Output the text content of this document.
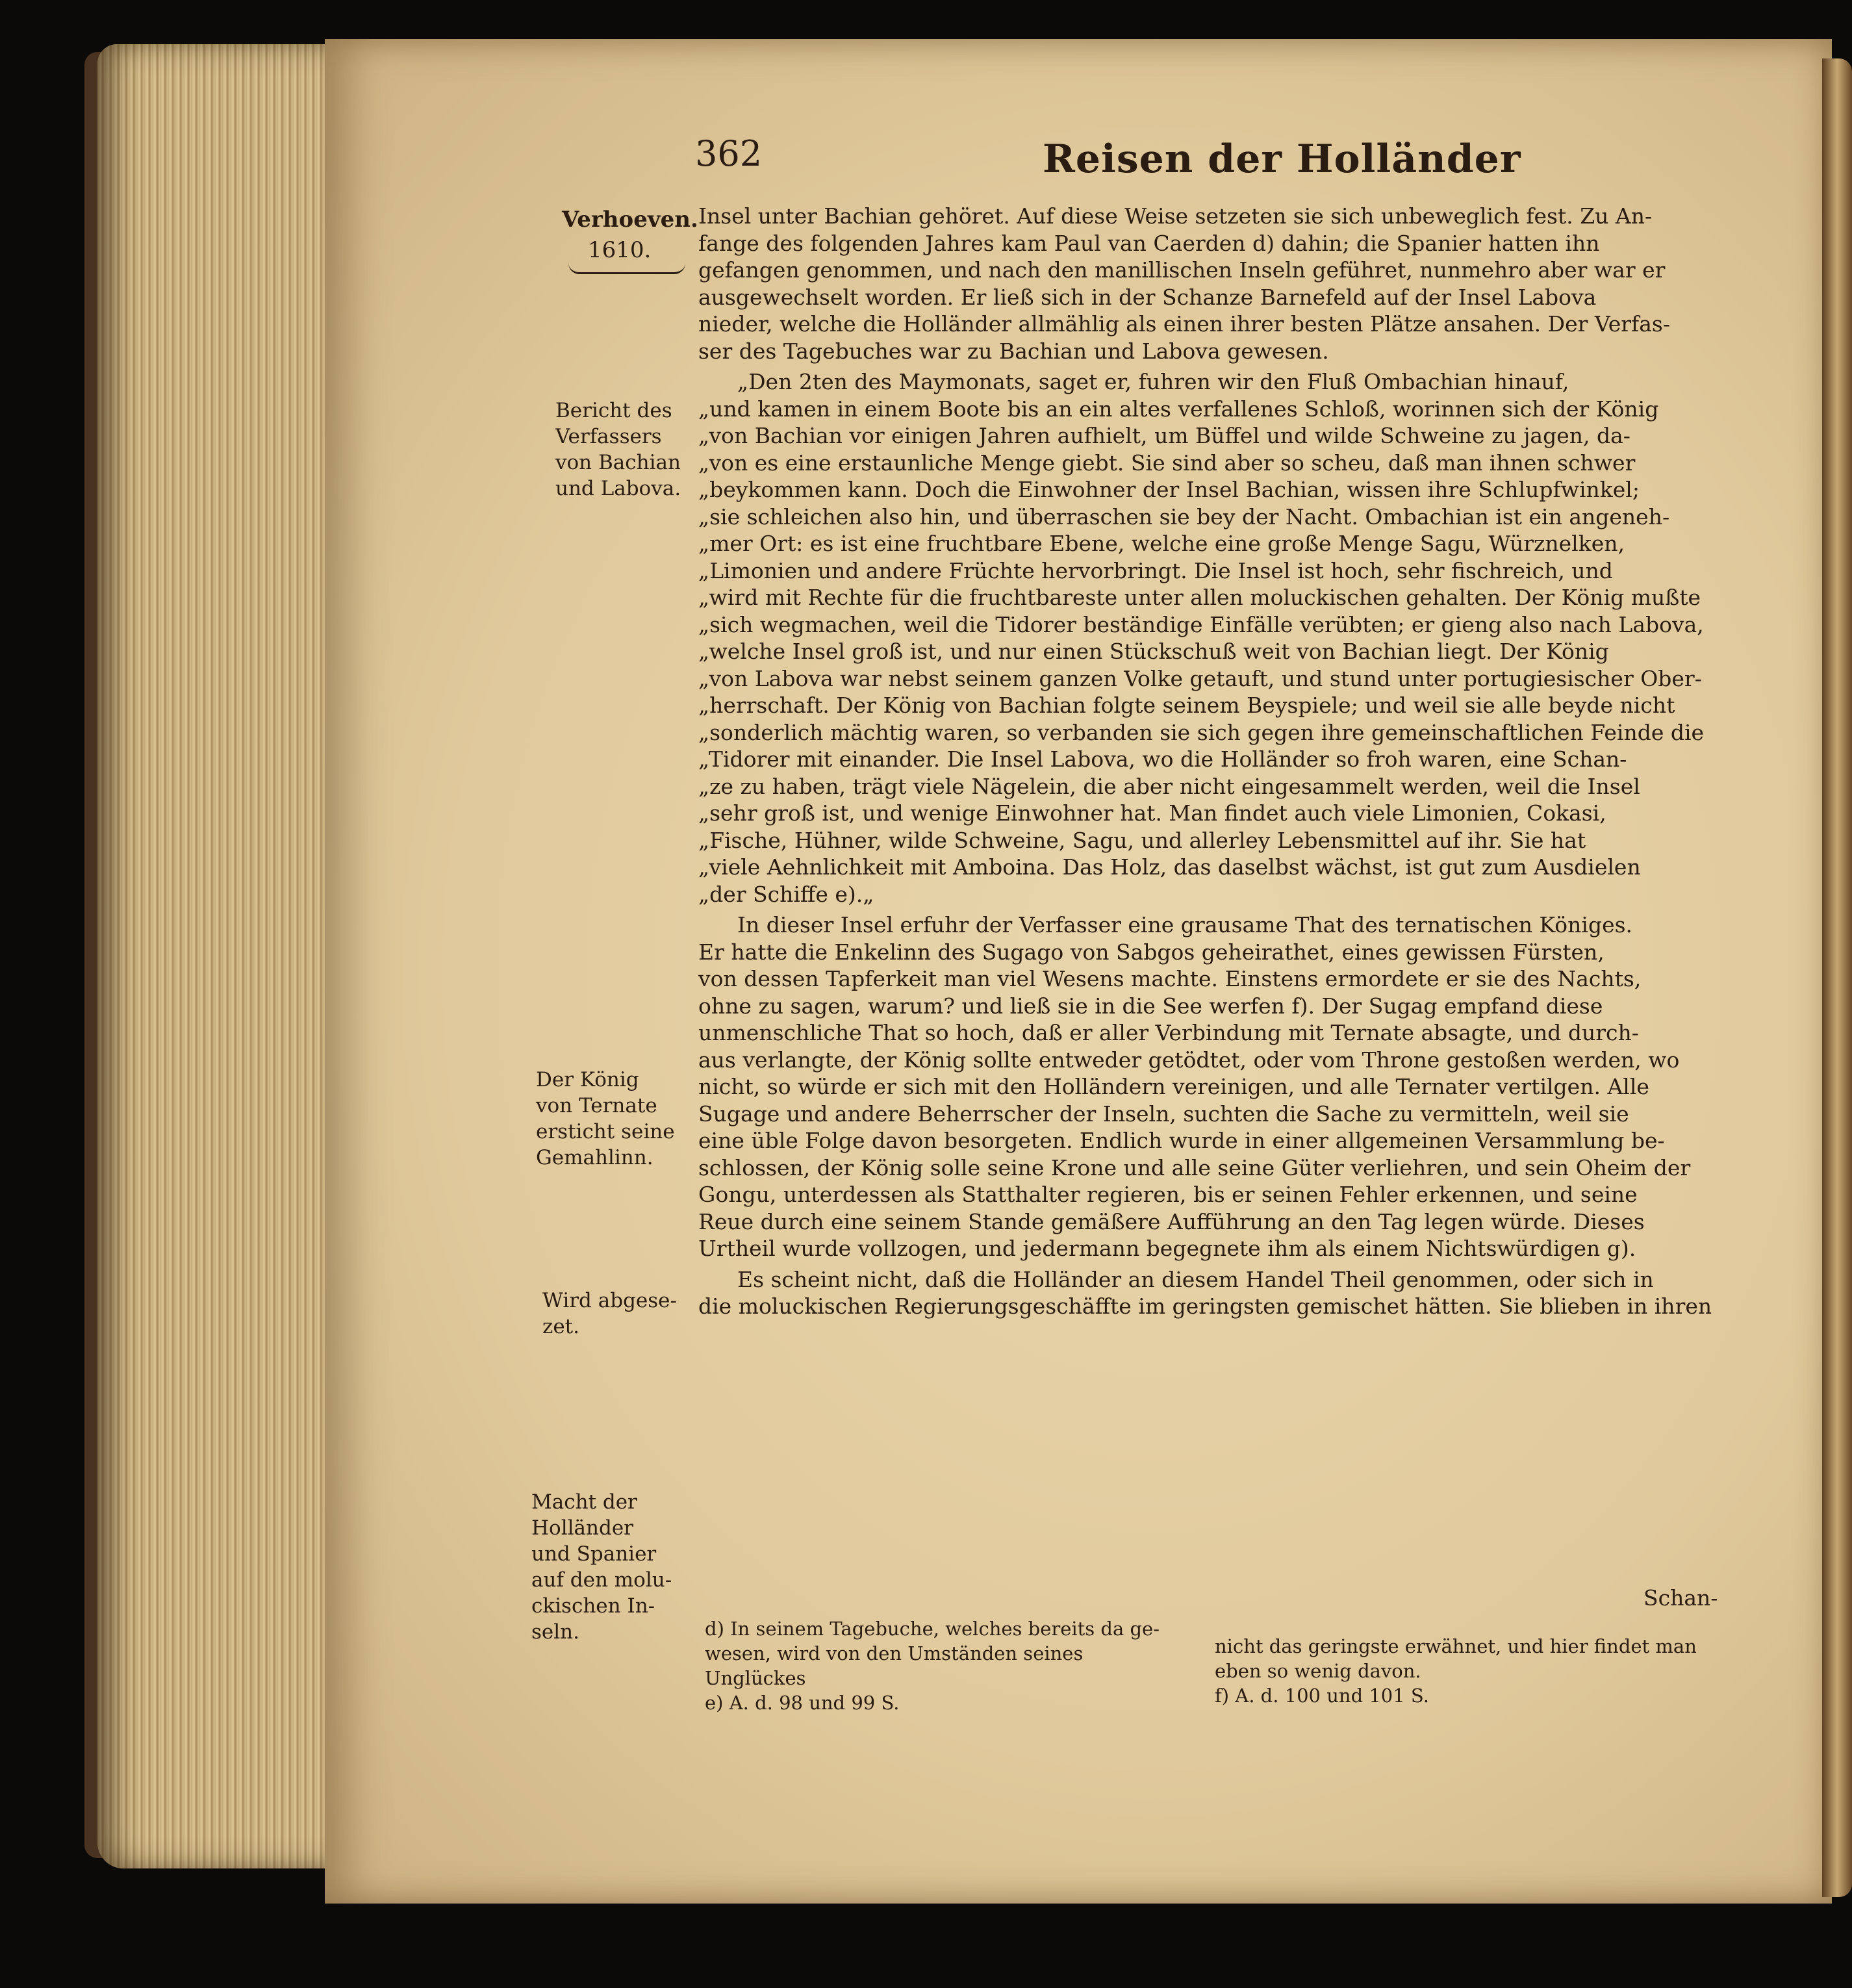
362	Reisen der Holländer
Verhoeven.
1610.
Bericht des
Verfassers
von Bachian
und Labova.
Der König
von Ternate
ersticht seine
Gemahlinn.
Wird abgese-
zet.
Macht der
Holländer
und Spanier
auf den molu-
ckischen In-
seln.

Insel unter Bachian gehöret. Auf diese Weise setzeten sie sich unbeweglich fest. Zu An-
fange des folgenden Jahres kam Paul van Caerden d) dahin; die Spanier hatten ihn
gefangen genommen, und nach den manillischen Inseln geführet, nunmehro aber war er
ausgewechselt worden. Er ließ sich in der Schanze Barnefeld auf der Insel Labova
nieder, welche die Holländer allmählig als einen ihrer besten Plätze ansahen. Der Verfas-
ser des Tagebuches war zu Bachian und Labova gewesen.

„Den 2ten des Maymonats, saget er, fuhren wir den Fluß Ombachian hinauf,
„und kamen in einem Boote bis an ein altes verfallenes Schloß, worinnen sich der König
„von Bachian vor einigen Jahren aufhielt, um Büffel und wilde Schweine zu jagen, da-
„von es eine erstaunliche Menge giebt. Sie sind aber so scheu, daß man ihnen schwer
„beykommen kann. Doch die Einwohner der Insel Bachian, wissen ihre Schlupfwinkel;
„sie schleichen also hin, und überraschen sie bey der Nacht. Ombachian ist ein angeneh-
„mer Ort: es ist eine fruchtbare Ebene, welche eine große Menge Sagu, Würznelken,
„Limonien und andere Früchte hervorbringt. Die Insel ist hoch, sehr fischreich, und
„wird mit Rechte für die fruchtbareste unter allen moluckischen gehalten. Der König mußte
„sich wegmachen, weil die Tidorer beständige Einfälle verübten; er gieng also nach Labova,
„welche Insel groß ist, und nur einen Stückschuß weit von Bachian liegt. Der König
„von Labova war nebst seinem ganzen Volke getauft, und stund unter portugiesischer Ober-
„herrschaft. Der König von Bachian folgte seinem Beyspiele; und weil sie alle beyde nicht
„sonderlich mächtig waren, so verbanden sie sich gegen ihre gemeinschaftlichen Feinde die
„Tidorer mit einander. Die Insel Labova, wo die Holländer so froh waren, eine Schan-
„ze zu haben, trägt viele Nägelein, die aber nicht eingesammelt werden, weil die Insel
„sehr groß ist, und wenige Einwohner hat. Man findet auch viele Limonien, Cokasi,
„Fische, Hühner, wilde Schweine, Sagu, und allerley Lebensmittel auf ihr. Sie hat
„viele Aehnlichkeit mit Amboina. Das Holz, das daselbst wächst, ist gut zum Ausdielen
„der Schiffe e).„

In dieser Insel erfuhr der Verfasser eine grausame That des ternatischen Königes.
Er hatte die Enkelinn des Sugago von Sabgos geheirathet, eines gewissen Fürsten,
von dessen Tapferkeit man viel Wesens machte. Einstens ermordete er sie des Nachts,
ohne zu sagen, warum? und ließ sie in die See werfen f). Der Sugag empfand diese
unmenschliche That so hoch, daß er aller Verbindung mit Ternate absagte, und durch-
aus verlangte, der König sollte entweder getödtet, oder vom Throne gestoßen werden, wo
nicht, so würde er sich mit den Holländern vereinigen, und alle Ternater vertilgen. Alle
Sugage und andere Beherrscher der Inseln, suchten die Sache zu vermitteln, weil sie
eine üble Folge davon besorgeten. Endlich wurde in einer allgemeinen Versammlung be-
schlossen, der König solle seine Krone und alle seine Güter verliehren, und sein Oheim der
Gongu, unterdessen als Statthalter regieren, bis er seinen Fehler erkennen, und seine
Reue durch eine seinem Stande gemäßere Aufführung an den Tag legen würde. Dieses
Urtheil wurde vollzogen, und jedermann begegnete ihm als einem Nichtswürdigen g).

Es scheint nicht, daß die Holländer an diesem Handel Theil genommen, oder sich in
die moluckischen Regierungsgeschäffte im geringsten gemischet hätten. Sie blieben in ihren

Schan-
d) In seinem Tagebuche, welches bereits da ge-
wesen, wird von den Umständen seines Unglückes
e) A. d. 98 und 99 S.
nicht das geringste erwähnet, und hier findet man
eben so wenig davon.
f) A. d. 100 und 101 S.
